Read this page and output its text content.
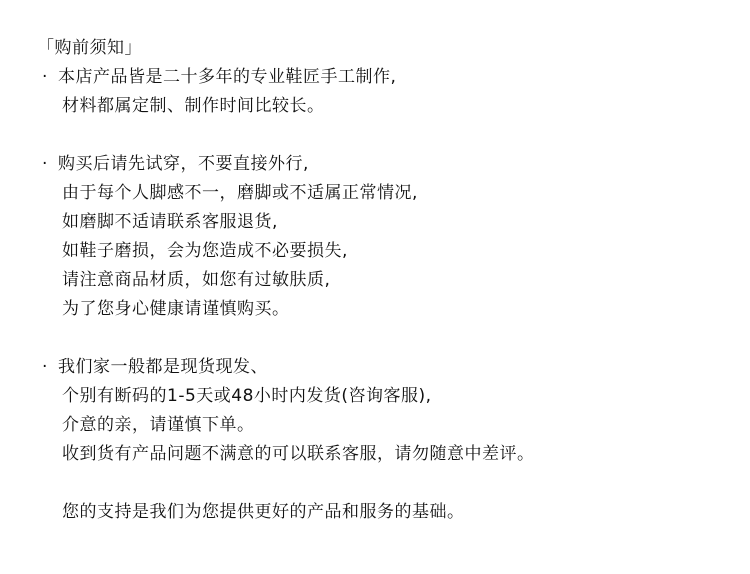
「购前须知」
· 本店产品皆是二十多年的专业鞋匠手工制作,
材料都属定制、制作时间比较长。
· 购买后请先试穿，不要直接外行,
由于每个人脚感不一，磨脚或不适属正常情况,
如磨脚不适请联系客服退货,
如鞋子磨损，会为您造成不必要损失,
请注意商品材质，如您有过敏肤质,
为了您身心健康请谨慎购买。
· 我们家一般都是现货现发、
个别有断码的1-5天或48小时内发货(咨询客服),
介意的亲，请谨慎下单。
收到货有产品问题不满意的可以联系客服，请勿随意中差评。
您的支持是我们为您提供更好的产品和服务的基础。
